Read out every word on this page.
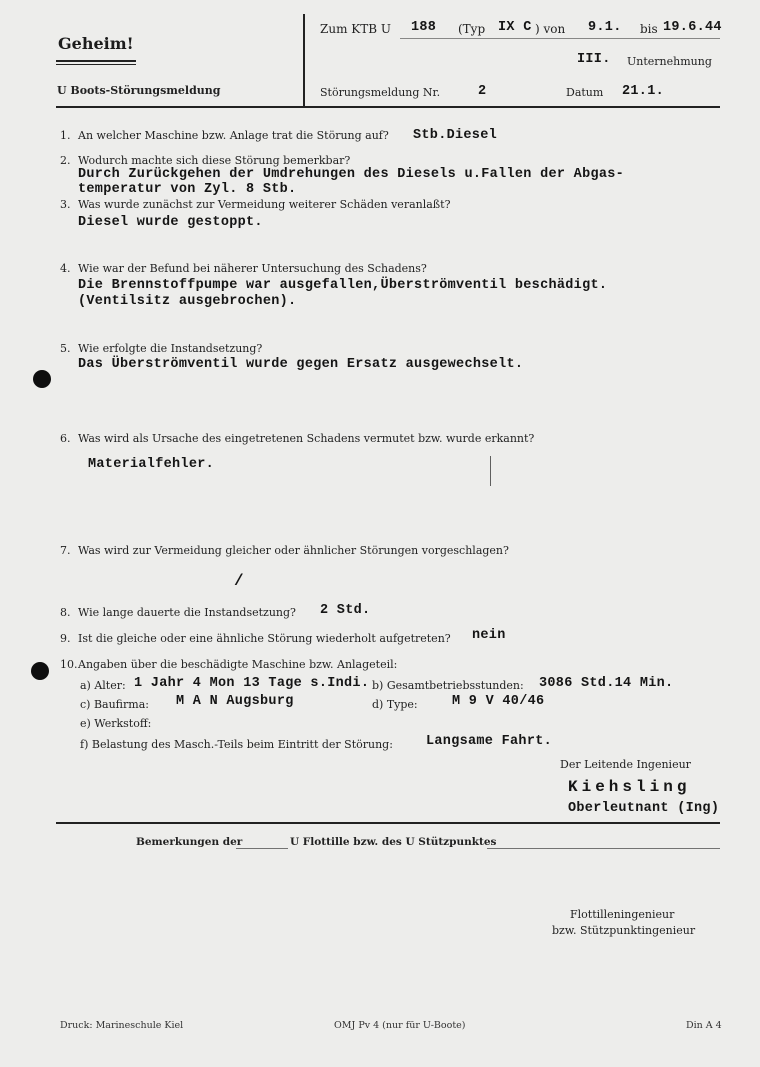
Geheim!
U Boots-Störungsmeldung
Zum KTB U 188 (Typ IX C ) von 9.1. bis 19.6.44
III. Unternehmung
Störungsmeldung Nr.	2	Datum 21.1.
1. An welcher Maschine bzw. Anlage trat die Störung auf? Stb.Diesel
2. Wodurch machte sich diese Störung bemerkbar?
Durch Zurückgehen der Umdrehungen des Diesels u.Fallen der Abgas-
temperatur von Zyl. 8 Stb.
3. Was wurde zunächst zur Vermeidung weiterer Schäden veranlaßt?
Diesel wurde gestoppt.
4. Wie war der Befund bei näherer Untersuchung des Schadens?
Die Brennstoffpumpe war ausgefallen,Überströmventil beschädigt.
(Ventilsitz ausgebrochen).
5. Wie erfolgte die Instandsetzung?
Das Überströmventil wurde gegen Ersatz ausgewechselt.
6. Was wird als Ursache des eingetretenen Schadens vermutet bzw. wurde erkannt?
Materialfehler.
7. Was wird zur Vermeidung gleicher oder ähnlicher Störungen vorgeschlagen?
/
8. Wie lange dauerte die Instandsetzung? 2 Std.
9. Ist die gleiche oder eine ähnliche Störung wiederholt aufgetreten? nein
10. Angaben über die beschädigte Maschine bzw. Anlageteil:
a) Alter: 1 Jahr 4 Mon 13 Tage s.Indi. b) Gesamtbetriebsstunden: 3086 Std.14 Min.
c) Baufirma: M A N Augsburg	d) Type:	M 9 V 40/46
e) Werkstoff:
f) Belastung des Masch.-Teils beim Eintritt der Störung: Langsame Fahrt.
Der Leitende Ingenieur
Kiehsling
Oberleutnant (Ing)
Bemerkungen der	U Flottille bzw. des U Stützpunktes
Flottilleningenieur
bzw. Stützpunktingenieur
Druck: Marineschule Kiel	OMJ Pv 4 (nur für U-Boote)	Din A 4
